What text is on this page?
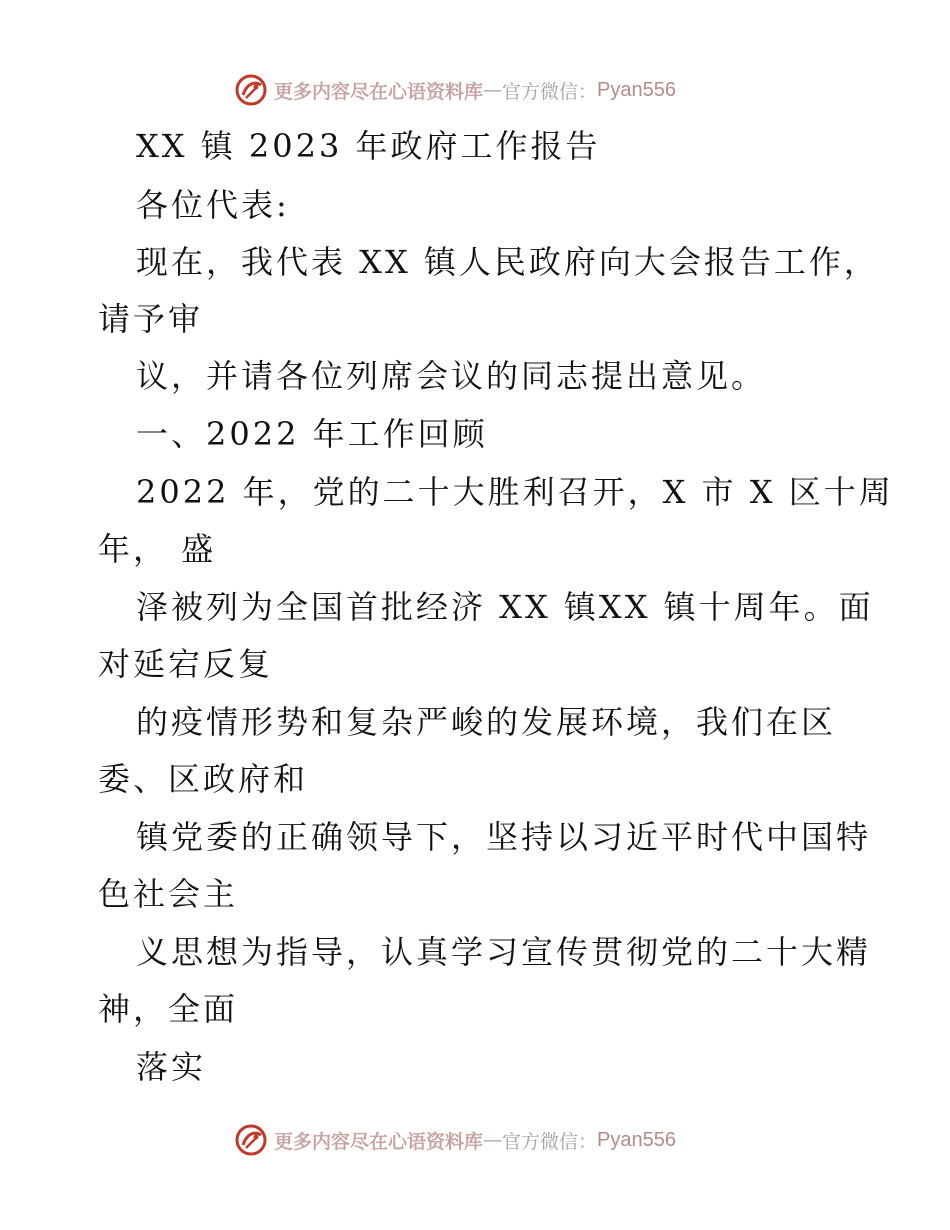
更多内容尽在心语资料库 — 官方微信： Pyan556
XX 镇 2023 年政府工作报告
各位代表:
现在，我代表 XX 镇人民政府向大会报告工作，
请予审
议，并请各位列席会议的同志提出意见。
一、2022 年工作回顾
2022 年，党的二十大胜利召开，X 市 X 区十周
年， 盛
泽被列为全国首批经济 XX 镇XX 镇十周年。面
对延宕反复
的疫情形势和复杂严峻的发展环境，我们在区
委、区政府和
镇党委的正确领导下，坚持以习近平时代中国特
色社会主
义思想为指导，认真学习宣传贯彻党的二十大精
神，全面
落实
更多内容尽在心语资料库 — 官方微信： Pyan556
